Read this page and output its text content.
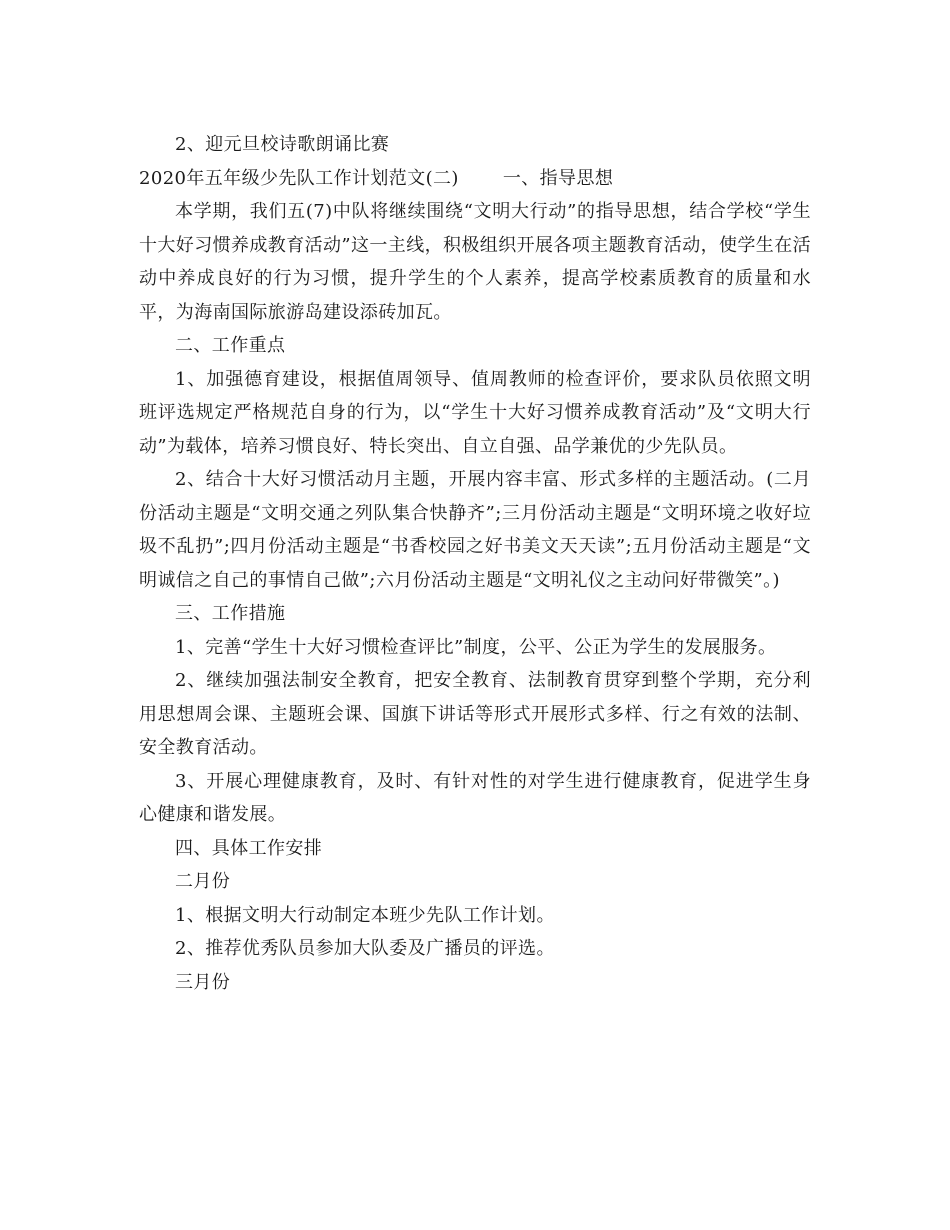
2、迎元旦校诗歌朗诵比赛

2020年五年级少先队工作计划范文(二) 一、指导思想

本学期，我们五(7)中队将继续围绕“文明大行动”的指导思想，结合学校“学生十大好习惯养成教育活动”这一主线，积极组织开展各项主题教育活动，使学生在活动中养成良好的行为习惯，提升学生的个人素养，提高学校素质教育的质量和水平，为海南国际旅游岛建设添砖加瓦。

二、工作重点

1、加强德育建设，根据值周领导、值周教师的检查评价，要求队员依照文明班评选规定严格规范自身的行为，以“学生十大好习惯养成教育活动”及“文明大行动”为载体，培养习惯良好、特长突出、自立自强、品学兼优的少先队员。

2、结合十大好习惯活动月主题，开展内容丰富、形式多样的主题活动。(二月份活动主题是“文明交通之列队集合快静齐”;三月份活动主题是“文明环境之收好垃圾不乱扔”;四月份活动主题是“书香校园之好书美文天天读”;五月份活动主题是“文明诚信之自己的事情自己做”;六月份活动主题是“文明礼仪之主动问好带微笑”。)

三、工作措施

1、完善“学生十大好习惯检查评比”制度，公平、公正为学生的发展服务。

2、继续加强法制安全教育，把安全教育、法制教育贯穿到整个学期，充分利用思想周会课、主题班会课、国旗下讲话等形式开展形式多样、行之有效的法制、安全教育活动。

3、开展心理健康教育，及时、有针对性的对学生进行健康教育，促进学生身心健康和谐发展。

四、具体工作安排

二月份

1、根据文明大行动制定本班少先队工作计划。

2、推荐优秀队员参加大队委及广播员的评选。

三月份
